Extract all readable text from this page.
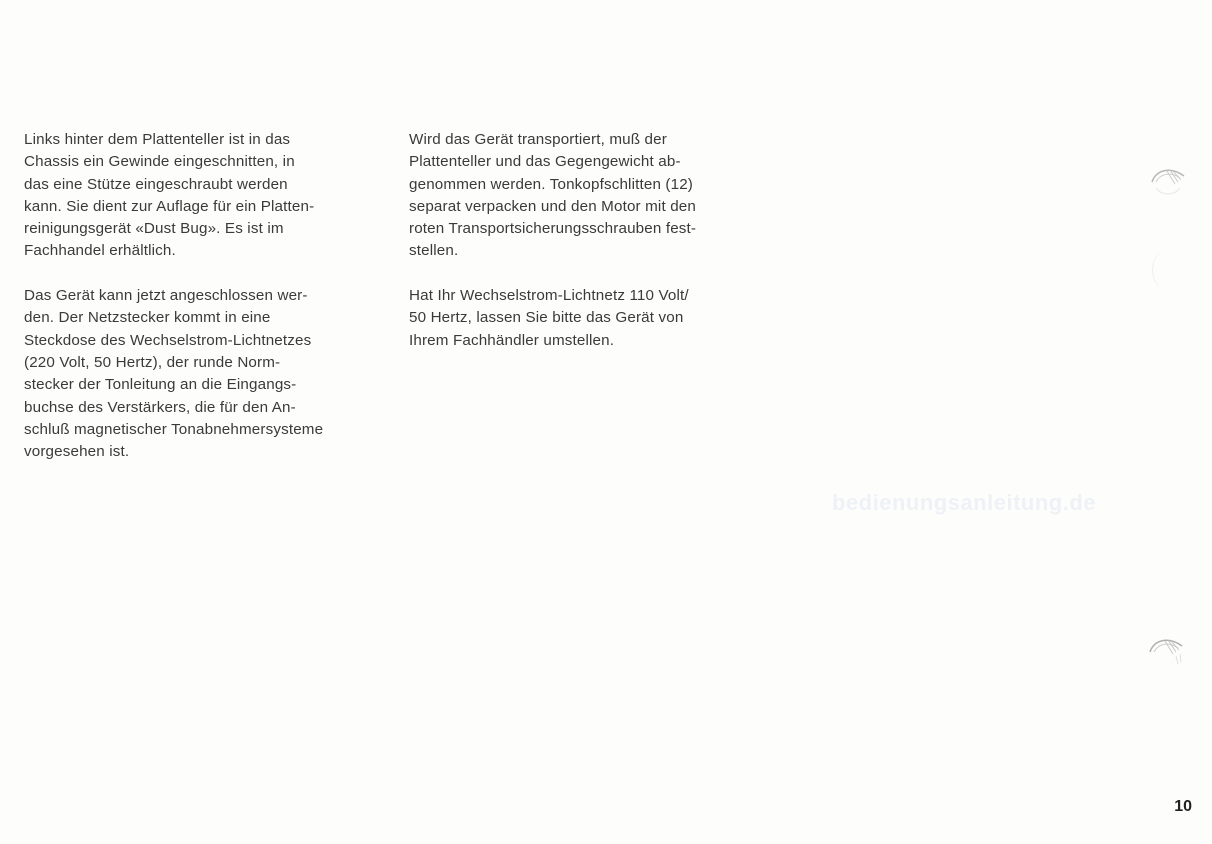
Links hinter dem Plattenteller ist in das

Chassis ein Gewinde eingeschnitten, in

das eine Stütze eingeschraubt werden

kann. Sie dient zur Auflage für ein Platten-

reinigungsgerät «Dust Bug». Es ist im

Fachhandel erhältlich.

Das Gerät kann jetzt angeschlossen wer-

den. Der Netzstecker kommt in eine

Steckdose des Wechselstrom-Lichtnetzes

(220 Volt, 50 Hertz), der runde Norm-

stecker der Tonleitung an die Eingangs-

buchse des Verstärkers, die für den An-

schluß magnetischer Tonabnehmersysteme

vorgesehen ist.

Wird das Gerät transportiert, muß der

Plattenteller und das Gegengewicht ab-

genommen werden. Tonkopfschlitten (12)

separat verpacken und den Motor mit den

roten Transportsicherungsschrauben fest-

stellen.

Hat Ihr Wechselstrom-Lichtnetz 110 Volt/

50 Hertz, lassen Sie bitte das Gerät von

Ihrem Fachhändler umstellen.

bedienungsanleitung.de
10
